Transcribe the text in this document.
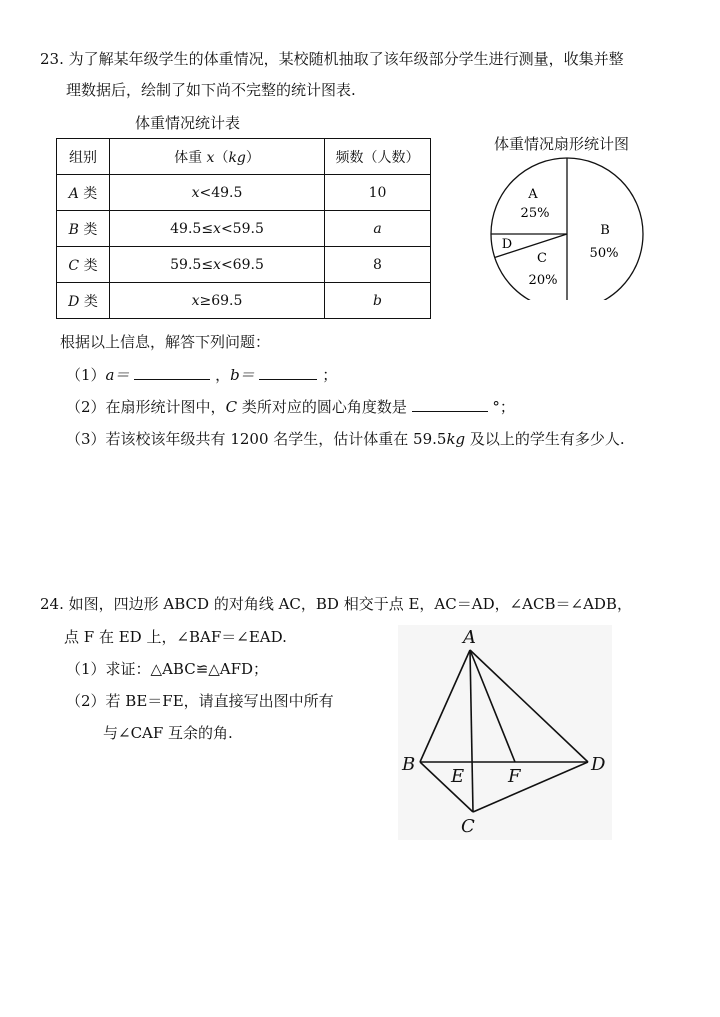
23. 为了解某年级学生的体重情况，某校随机抽取了该年级部分学生进行测量，收集并整
理数据后，绘制了如下尚不完整的统计图表.
体重情况统计表
组别	体重 x（kg）	频数（人数）
A 类	x<49.5	10
B 类	49.5≤x<59.5	a
C 类	59.5≤x<69.5	8
D 类	x≥69.5	b
体重情况扇形统计图
A
25%
B
50%
C
20%
D
根据以上信息，解答下列问题：
（1）a＝	，b＝	；
（2）在扇形统计图中，C 类所对应的圆心角度数是	°；
（3）若该校该年级共有 1200 名学生，估计体重在 59.5kg 及以上的学生有多少人.
24. 如图，四边形 ABCD 的对角线 AC，BD 相交于点 E，AC＝AD，∠ACB＝∠ADB，
点 F 在 ED 上，∠BAF＝∠EAD.
（1）求证：△ABC≌△AFD；
（2）若 BE＝FE，请直接写出图中所有
与∠CAF 互余的角.
A
B
E F
D
C
